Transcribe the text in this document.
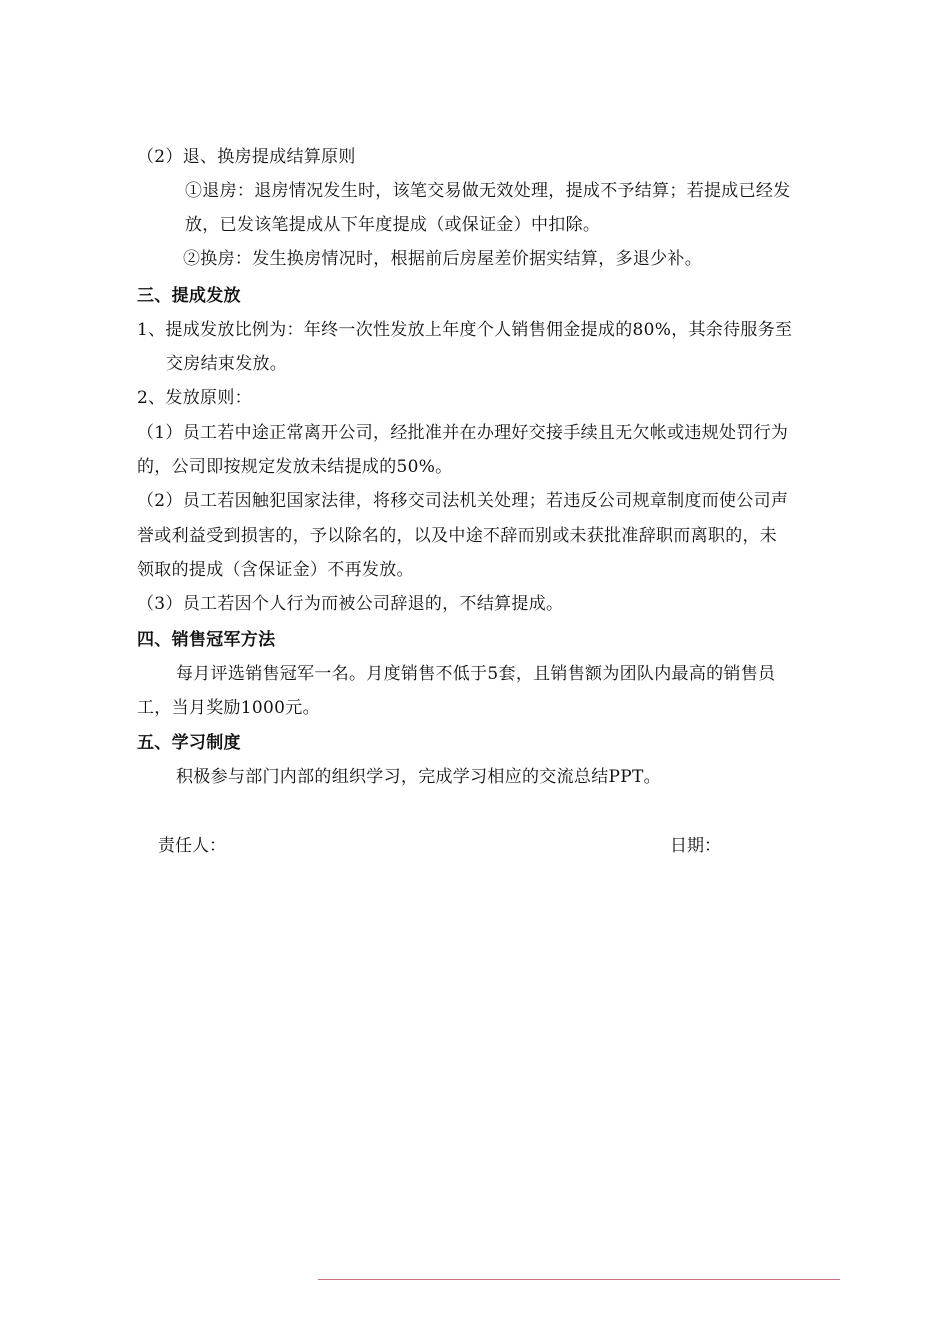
（2）退、换房提成结算原则
①退房：退房情况发生时，该笔交易做无效处理，提成不予结算；若提成已经发
放，已发该笔提成从下年度提成（或保证金）中扣除。
②换房：发生换房情况时，根据前后房屋差价据实结算，多退少补。
三、提成发放
1、提成发放比例为：年终一次性发放上年度个人销售佣金提成的80%，其余待服务至
交房结束发放。
2、发放原则：
（1）员工若中途正常离开公司，经批准并在办理好交接手续且无欠帐或违规处罚行为
的，公司即按规定发放未结提成的50%。
（2）员工若因触犯国家法律，将移交司法机关处理；若违反公司规章制度而使公司声
誉或利益受到损害的，予以除名的，以及中途不辞而别或未获批准辞职而离职的，未
领取的提成（含保证金）不再发放。
（3）员工若因个人行为而被公司辞退的，不结算提成。
四、销售冠军方法
每月评选销售冠军一名。月度销售不低于5套，且销售额为团队内最高的销售员
工，当月奖励1000元。
五、学习制度
积极参与部门内部的组织学习，完成学习相应的交流总结PPT。
责任人：	日期：
